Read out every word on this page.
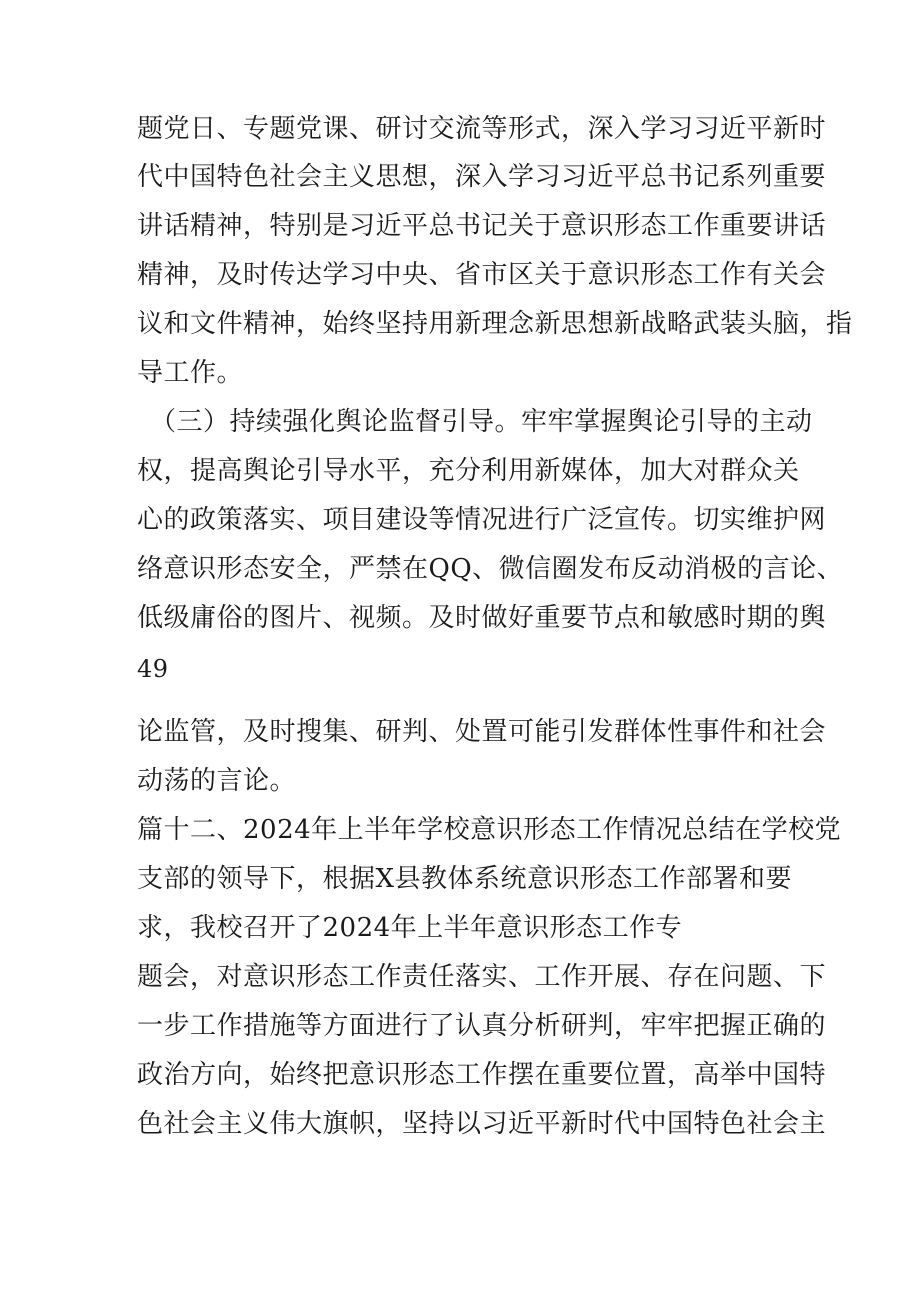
题党日、专题党课、研讨交流等形式，深入学习习近平新时
代中国特色社会主义思想，深入学习习近平总书记系列重要
讲话精神，特别是习近平总书记关于意识形态工作重要讲话
精神，及时传达学习中央、省市区关于意识形态工作有关会
议和文件精神，始终坚持用新理念新思想新战略武装头脑，指
导工作。
（三）持续强化舆论监督引导。牢牢掌握舆论引导的主动
权，提高舆论引导水平，充分利用新媒体，加大对群众关
心的政策落实、项目建设等情况进行广泛宣传。切实维护网
络意识形态安全，严禁在QQ、微信圈发布反动消极的言论、
低级庸俗的图片、视频。及时做好重要节点和敏感时期的舆
49
论监管，及时搜集、研判、处置可能引发群体性事件和社会
动荡的言论。
篇十二、2024年上半年学校意识形态工作情况总结在学校党
支部的领导下，根据X县教体系统意识形态工作部署和要
求，我校召开了2024年上半年意识形态工作专
题会，对意识形态工作责任落实、工作开展、存在问题、下
一步工作措施等方面进行了认真分析研判，牢牢把握正确的
政治方向，始终把意识形态工作摆在重要位置，高举中国特
色社会主义伟大旗帜，坚持以习近平新时代中国特色社会主
